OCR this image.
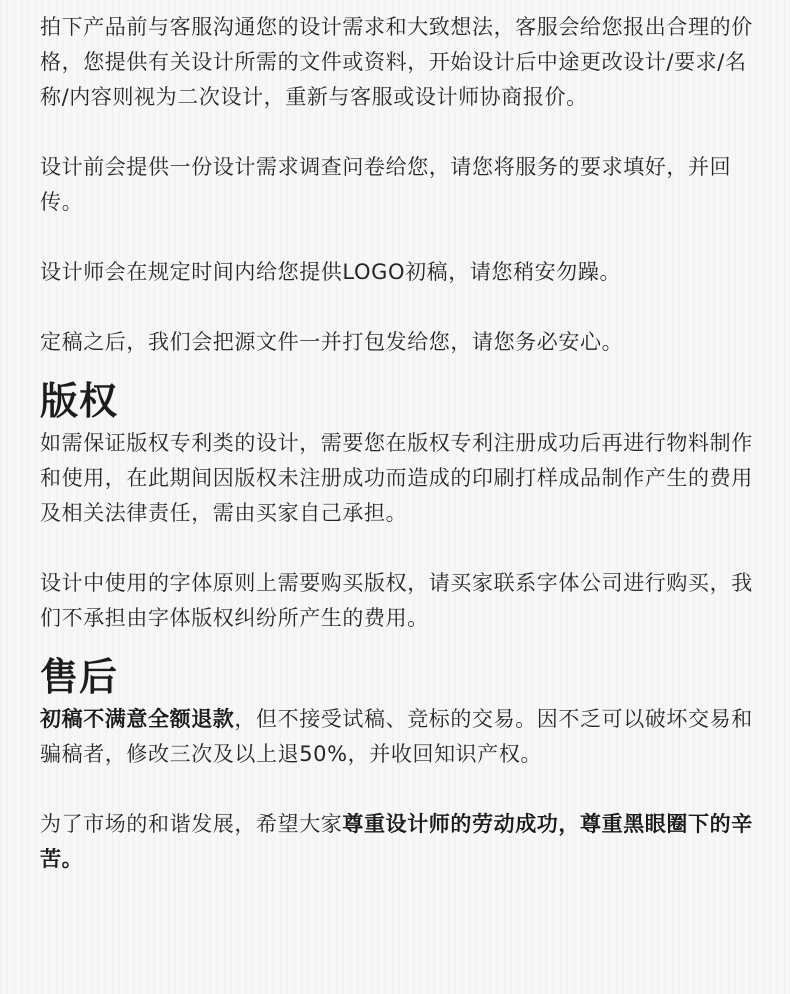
拍下产品前与客服沟通您的设计需求和大致想法，客服会给您报出合理的价格，您提供有关设计所需的文件或资料，开始设计后中途更改设计/要求/名称/内容则视为二次设计，重新与客服或设计师协商报价。

设计前会提供一份设计需求调查问卷给您，请您将服务的要求填好，并回传。

设计师会在规定时间内给您提供LOGO初稿，请您稍安勿躁。

定稿之后，我们会把源文件一并打包发给您，请您务必安心。

版权

如需保证版权专利类的设计，需要您在版权专利注册成功后再进行物料制作和使用，在此期间因版权未注册成功而造成的印刷打样成品制作产生的费用及相关法律责任，需由买家自己承担。

设计中使用的字体原则上需要购买版权，请买家联系字体公司进行购买，我们不承担由字体版权纠纷所产生的费用。

售后

初稿不满意全额退款，但不接受试稿、竞标的交易。因不乏可以破坏交易和骗稿者，修改三次及以上退50%，并收回知识产权。

为了市场的和谐发展，希望大家尊重设计师的劳动成功，尊重黑眼圈下的辛苦。
